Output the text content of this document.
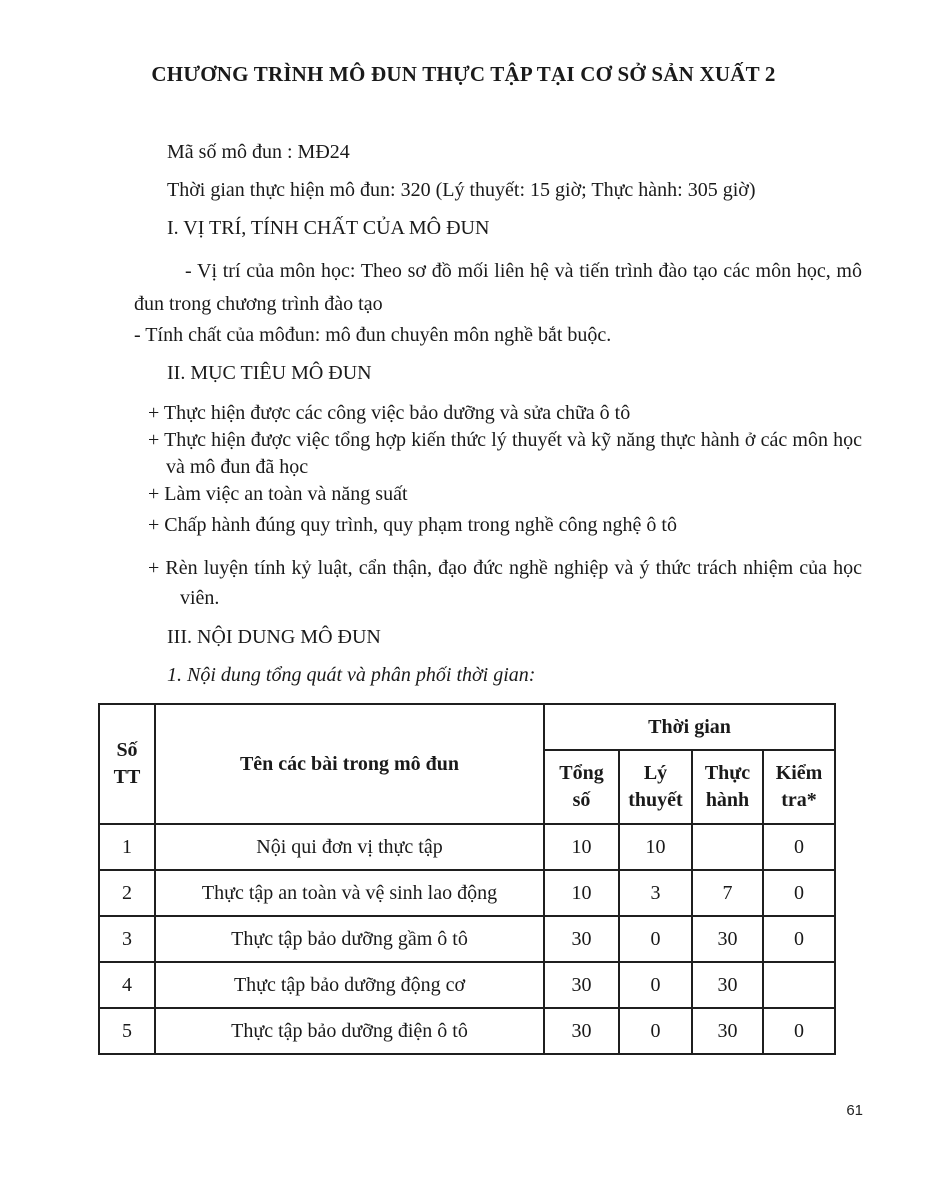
CHƯƠNG TRÌNH MÔ ĐUN THỰC TẬP TẠI CƠ SỞ SẢN XUẤT 2

Mã số mô đun : MĐ24

Thời gian thực hiện mô đun: 320 (Lý thuyết: 15 giờ; Thực hành: 305 giờ)

I. VỊ TRÍ, TÍNH CHẤT CỦA MÔ ĐUN

- Vị trí của môn học: Theo sơ đồ mối liên hệ và tiến trình đào tạo các môn học, mô đun trong chương trình đào tạo

- Tính chất của môđun: mô đun chuyên môn nghề bắt buộc.

II. MỤC TIÊU MÔ ĐUN

+ Thực hiện được các công việc bảo dưỡng và sửa chữa ô tô

+ Thực hiện được việc tổng hợp kiến thức lý thuyết và kỹ năng thực hành ở các môn học và mô đun đã học

+ Làm việc an toàn và năng suất

+ Chấp hành đúng quy trình, quy phạm trong nghề công nghệ ô tô

+ Rèn luyện tính kỷ luật, cẩn thận, đạo đức nghề nghiệp và ý thức trách nhiệm của học viên.

III. NỘI DUNG MÔ ĐUN

1. Nội dung tổng quát và phân phối thời gian:

Số TT	Tên các bài trong mô đun	Thời gian			
		Tổng số	Lý thuyết	Thực hành	Kiểm tra*
1	Nội qui đơn vị thực tập	10	10		0
2	Thực tập an toàn và vệ sinh lao động	10	3	7	0
3	Thực tập bảo dưỡng gầm ô tô	30	0	30	0
4	Thực tập bảo dưỡng động cơ	30	0	30	
5	Thực tập bảo dưỡng điện ô tô	30	0	30	0
61
